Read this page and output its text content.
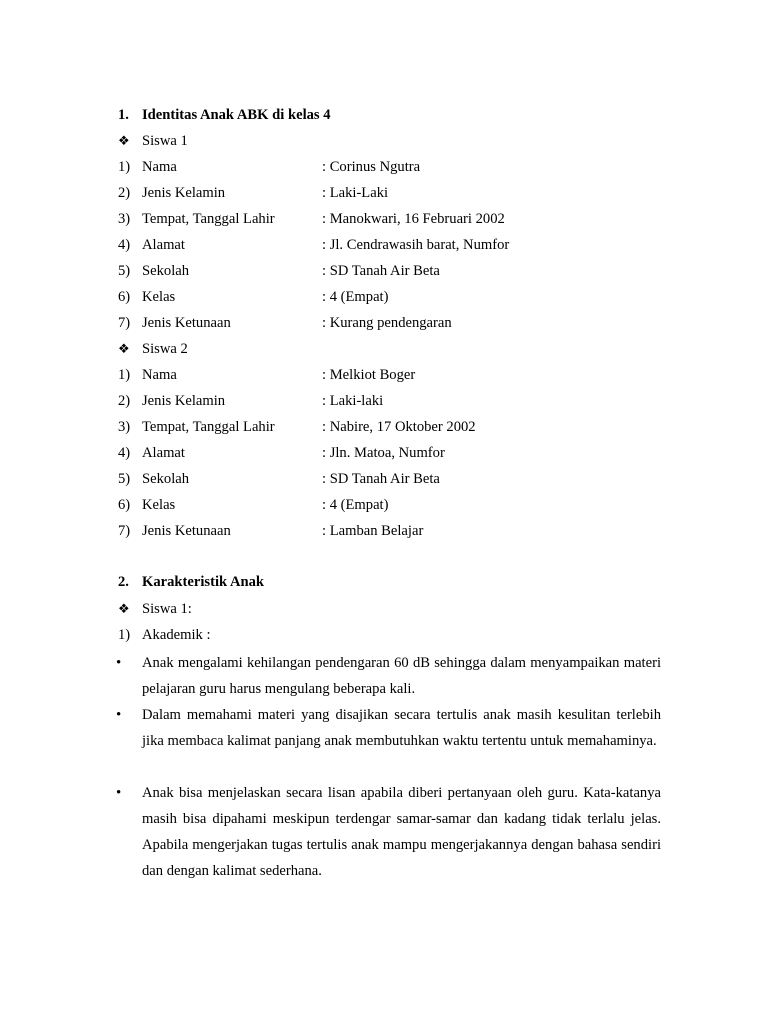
1. Identitas Anak ABK di kelas 4
❖ Siswa 1
1) Nama	: Corinus Ngutra
2) Jenis Kelamin	: Laki-Laki
3) Tempat, Tanggal Lahir	: Manokwari, 16 Februari 2002
4) Alamat	: Jl. Cendrawasih barat, Numfor
5) Sekolah	: SD Tanah Air Beta
6) Kelas	: 4 (Empat)
7) Jenis Ketunaan	: Kurang pendengaran
❖ Siswa 2
1) Nama	: Melkiot Boger
2) Jenis Kelamin	: Laki-laki
3) Tempat, Tanggal Lahir	: Nabire, 17 Oktober 2002
4) Alamat	: Jln. Matoa, Numfor
5) Sekolah	: SD Tanah Air Beta
6) Kelas	: 4 (Empat)
7) Jenis Ketunaan	: Lamban Belajar
2. Karakteristik Anak
❖ Siswa 1:
1) Akademik :
• Anak mengalami kehilangan pendengaran 60 dB sehingga dalam menyampaikan materi pelajaran guru harus mengulang beberapa kali.
• Dalam memahami materi yang disajikan secara tertulis anak masih kesulitan terlebih jika membaca kalimat panjang anak membutuhkan waktu tertentu untuk memahaminya.
• Anak bisa menjelaskan secara lisan apabila diberi pertanyaan oleh guru. Kata-katanya masih bisa dipahami meskipun terdengar samar-samar dan kadang tidak terlalu jelas. Apabila mengerjakan tugas tertulis anak mampu mengerjakannya dengan bahasa sendiri dan dengan kalimat sederhana.
